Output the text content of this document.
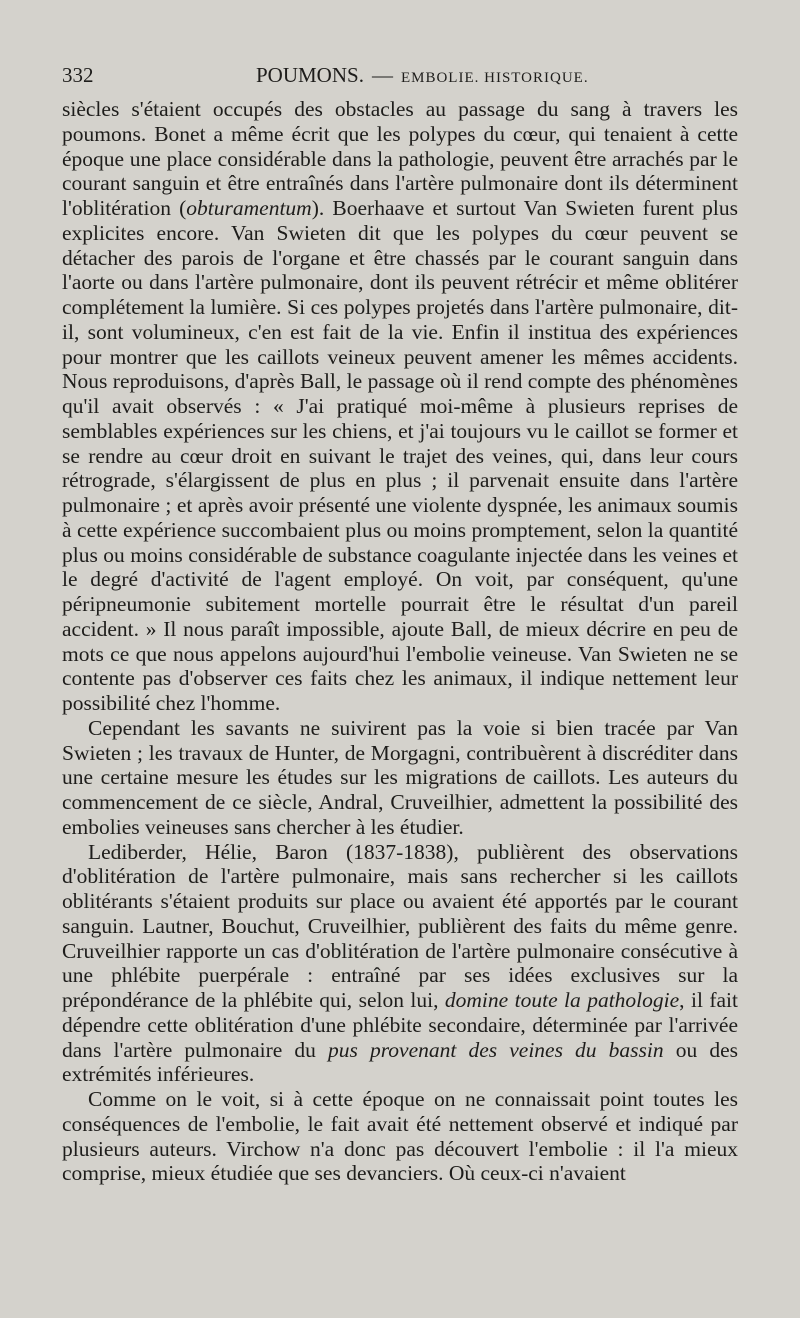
332	POUMONS. — EMBOLIE. HISTORIQUE.

siècles s'étaient occupés des obstacles au passage du sang à travers les poumons. Bonet a même écrit que les polypes du cœur, qui tenaient à cette époque une place considérable dans la pathologie, peuvent être arrachés par le courant sanguin et être entraînés dans l'artère pulmonaire dont ils déterminent l'oblitération (obturamentum). Boerhaave et surtout Van Swieten furent plus explicites encore. Van Swieten dit que les polypes du cœur peuvent se détacher des parois de l'organe et être chassés par le courant sanguin dans l'aorte ou dans l'artère pulmonaire, dont ils peuvent rétrécir et même oblitérer complétement la lumière. Si ces polypes projetés dans l'artère pulmonaire, dit-il, sont volumineux, c'en est fait de la vie. Enfin il institua des expériences pour montrer que les caillots veineux peuvent amener les mêmes accidents. Nous reproduisons, d'après Ball, le passage où il rend compte des phénomènes qu'il avait observés : « J'ai pratiqué moi-même à plusieurs reprises de semblables expériences sur les chiens, et j'ai toujours vu le caillot se former et se rendre au cœur droit en suivant le trajet des veines, qui, dans leur cours rétrograde, s'élargissent de plus en plus ; il parvenait ensuite dans l'artère pulmonaire ; et après avoir présenté une violente dyspnée, les animaux soumis à cette expérience succombaient plus ou moins promptement, selon la quantité plus ou moins considérable de substance coagulante injectée dans les veines et le degré d'activité de l'agent employé. On voit, par conséquent, qu'une péripneumonie subitement mortelle pourrait être le résultat d'un pareil accident. » Il nous paraît impossible, ajoute Ball, de mieux décrire en peu de mots ce que nous appelons aujourd'hui l'embolie veineuse. Van Swieten ne se contente pas d'observer ces faits chez les animaux, il indique nettement leur possibilité chez l'homme.

Cependant les savants ne suivirent pas la voie si bien tracée par Van Swieten ; les travaux de Hunter, de Morgagni, contribuèrent à discréditer dans une certaine mesure les études sur les migrations de caillots. Les auteurs du commencement de ce siècle, Andral, Cruveilhier, admettent la possibilité des embolies veineuses sans chercher à les étudier.

Lediberder, Hélie, Baron (1837-1838), publièrent des observations d'oblitération de l'artère pulmonaire, mais sans rechercher si les caillots oblitérants s'étaient produits sur place ou avaient été apportés par le courant sanguin. Lautner, Bouchut, Cruveilhier, publièrent des faits du même genre. Cruveilhier rapporte un cas d'oblitération de l'artère pulmonaire consécutive à une phlébite puerpérale : entraîné par ses idées exclusives sur la prépondérance de la phlébite qui, selon lui, domine toute la pathologie, il fait dépendre cette oblitération d'une phlébite secondaire, déterminée par l'arrivée dans l'artère pulmonaire du pus provenant des veines du bassin ou des extrémités inférieures.

Comme on le voit, si à cette époque on ne connaissait point toutes les conséquences de l'embolie, le fait avait été nettement observé et indiqué par plusieurs auteurs. Virchow n'a donc pas découvert l'embolie : il l'a mieux comprise, mieux étudiée que ses devanciers. Où ceux-ci n'avaient
